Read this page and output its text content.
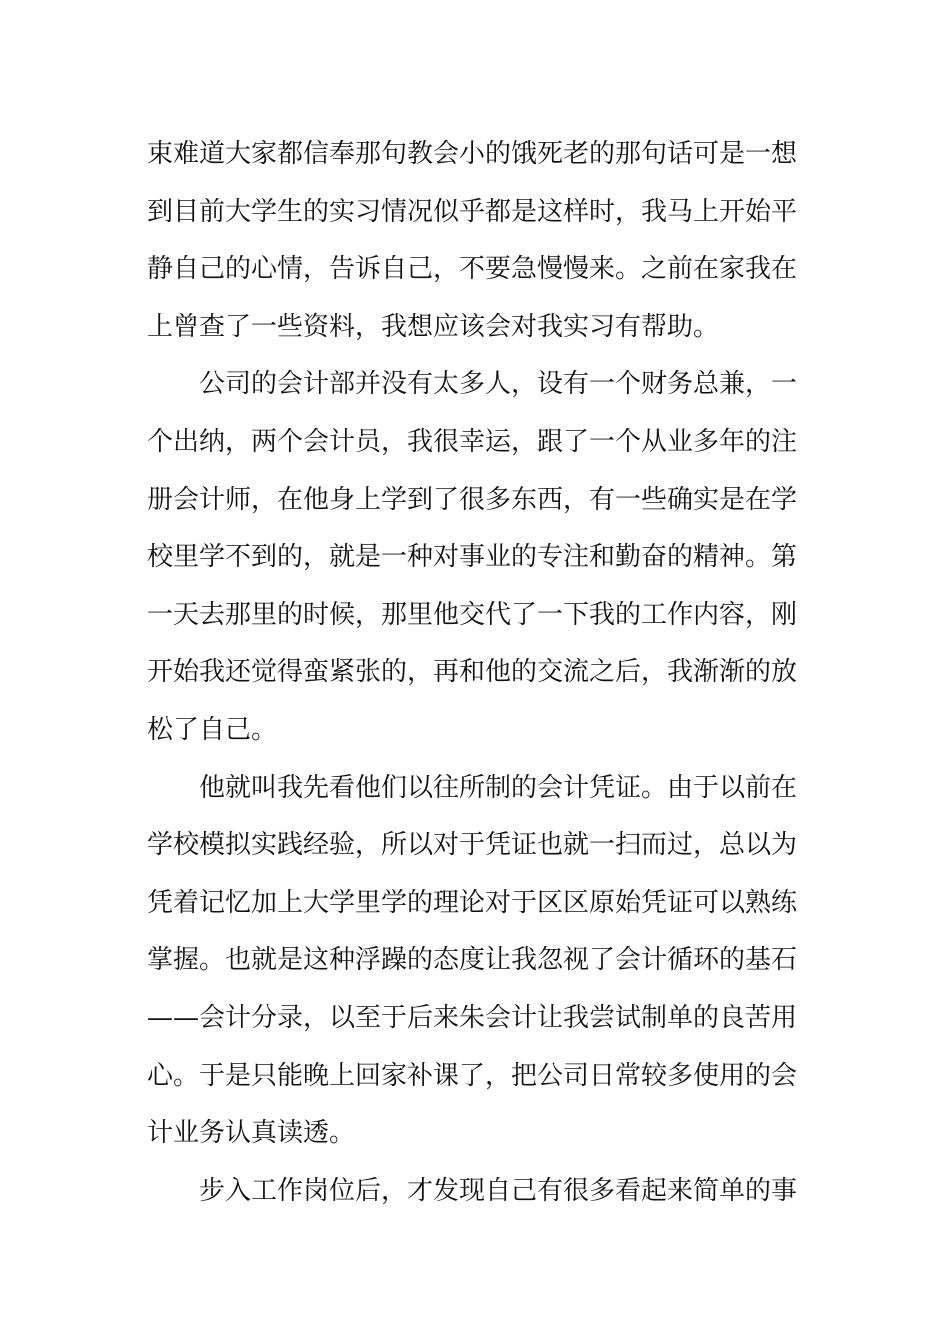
束难道大家都信奉那句教会小的饿死老的那句话可是一想
到目前大学生的实习情况似乎都是这样时，我马上开始平
静自己的心情，告诉自己，不要急慢慢来。之前在家我在
上曾查了一些资料，我想应该会对我实习有帮助。
公司的会计部并没有太多人，设有一个财务总兼，一
个出纳，两个会计员，我很幸运，跟了一个从业多年的注
册会计师，在他身上学到了很多东西，有一些确实是在学
校里学不到的，就是一种对事业的专注和勤奋的精神。第
一天去那里的时候，那里他交代了一下我的工作内容，刚
开始我还觉得蛮紧张的，再和他的交流之后，我渐渐的放
松了自己。
他就叫我先看他们以往所制的会计凭证。由于以前在
学校模拟实践经验，所以对于凭证也就一扫而过，总以为
凭着记忆加上大学里学的理论对于区区原始凭证可以熟练
掌握。也就是这种浮躁的态度让我忽视了会计循环的基石
——会计分录，以至于后来朱会计让我尝试制单的良苦用
心。于是只能晚上回家补课了，把公司日常较多使用的会
计业务认真读透。
步入工作岗位后，才发现自己有很多看起来简单的事
